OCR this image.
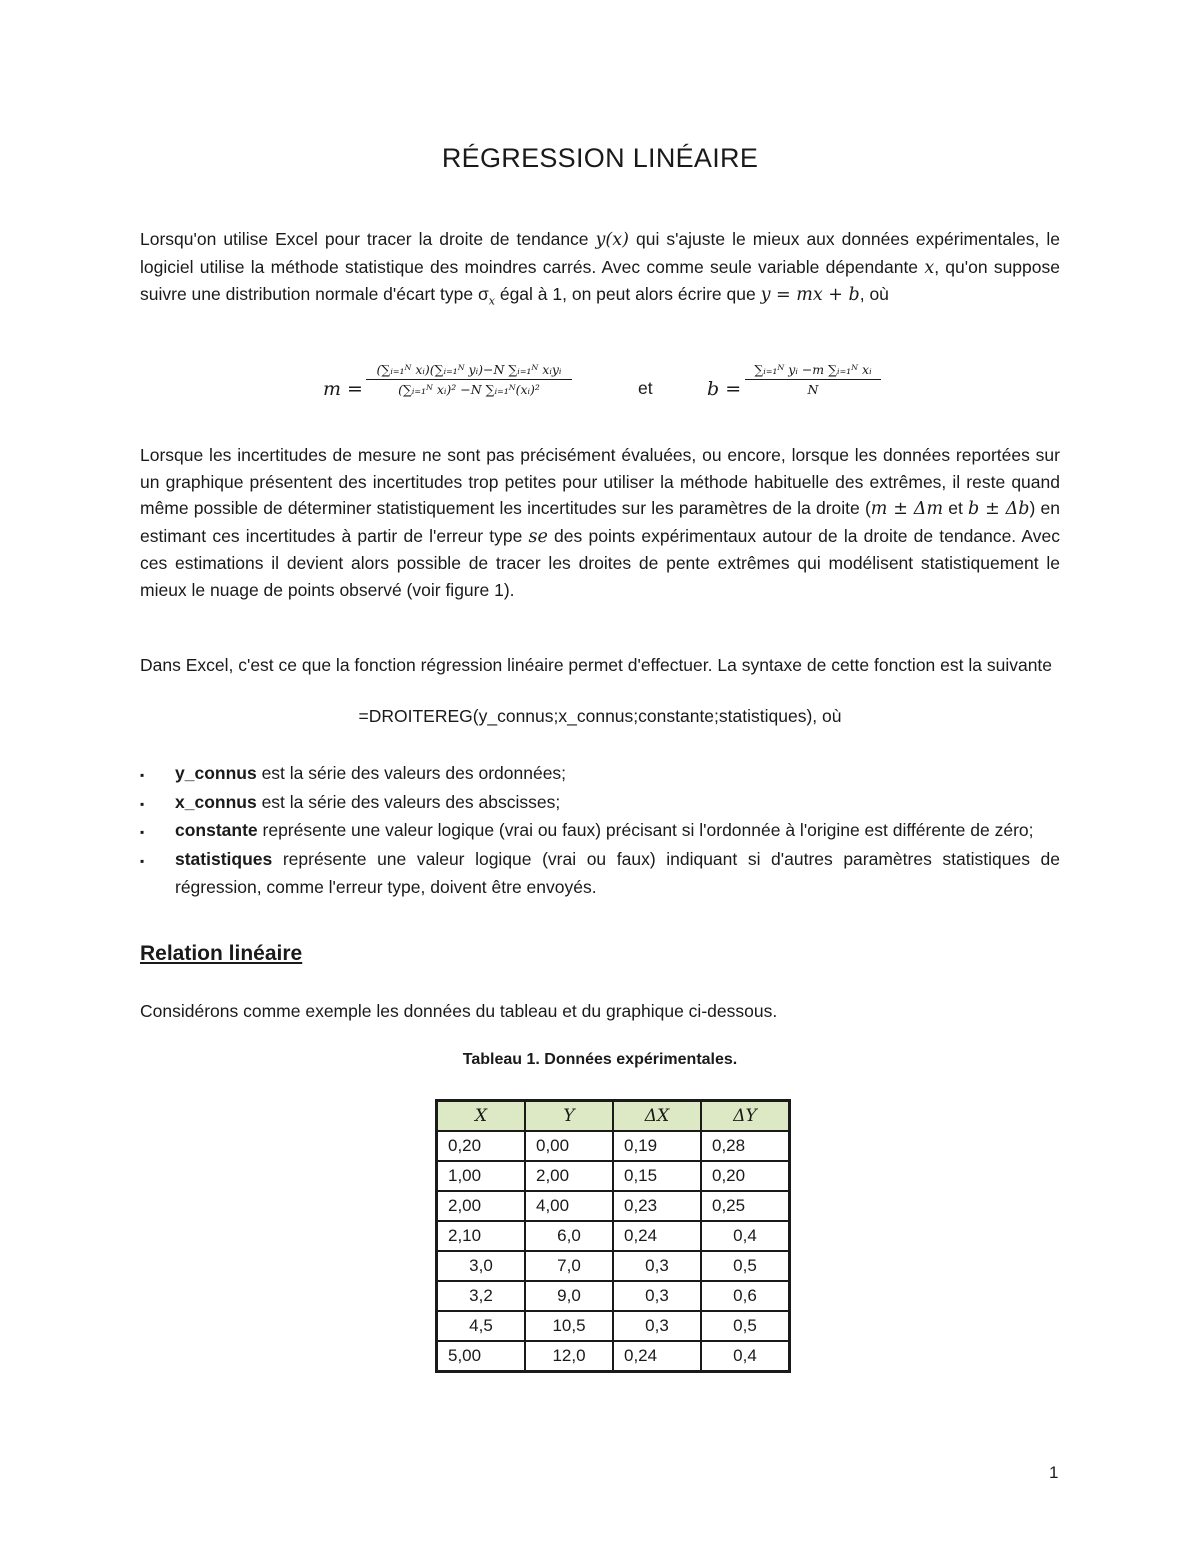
RÉGRESSION LINÉAIRE

Lorsqu'on utilise Excel pour tracer la droite de tendance y(x) qui s'ajuste le mieux aux données expérimentales, le logiciel utilise la méthode statistique des moindres carrés. Avec comme seule variable dépendante x, qu'on suppose suivre une distribution normale d'écart type $\sigma_x$ égal à 1, on peut alors écrire que y = mx + b, où

m =
(∑ᵢ₌₁ᴺ xᵢ)(∑ᵢ₌₁ᴺ yᵢ)−N ∑ᵢ₌₁ᴺ xᵢyᵢ
(∑ᵢ₌₁ᴺ xᵢ)² −N ∑ᵢ₌₁ᴺ(xᵢ)²	et	$b = \frac{\text{∑ᵢ₌₁ᴺ yᵢ −m ∑ᵢ₌₁ᴺ xᵢ}}{N}$

Lorsque les incertitudes de mesure ne sont pas précisément évaluées, ou encore, lorsque les données reportées sur un graphique présentent des incertitudes trop petites pour utiliser la méthode habituelle des extrêmes, il reste quand même possible de déterminer statistiquement les incertitudes sur les paramètres de la droite (m ± Δm et b ± Δb) en estimant ces incertitudes à partir de l'erreur type se des points expérimentaux autour de la droite de tendance. Avec ces estimations il devient alors possible de tracer les droites de pente extrêmes qui modélisent statistiquement le mieux le nuage de points observé (voir figure 1).

Dans Excel, c'est ce que la fonction régression linéaire permet d'effectuer. La syntaxe de cette fonction est la suivante

=DROITEREG(y_connus;x_connus;constante;statistiques), où
▪ y_connus est la série des valeurs des ordonnées;
▪ x_connus est la série des valeurs des abscisses;
▪ constante représente une valeur logique (vrai ou faux) précisant si l'ordonnée à l'origine est différente de zéro;
▪ statistiques représente une valeur logique (vrai ou faux) indiquant si d'autres paramètres statistiques de régression, comme l'erreur type, doivent être envoyés.
Relation linéaire

Considérons comme exemple les données du tableau et du graphique ci-dessous.

Tableau 1. Données expérimentales.
X	Y	ΔX	ΔY
0,20	0,00	0,19	0,28
1,00	2,00	0,15	0,20
2,00	4,00	0,23	0,25
2,10	6,0	0,24	0,4
3,0	7,0	0,3	0,5
3,2	9,0	0,3	0,6
4,5	10,5	0,3	0,5
5,00	12,0	0,24	0,4
1
